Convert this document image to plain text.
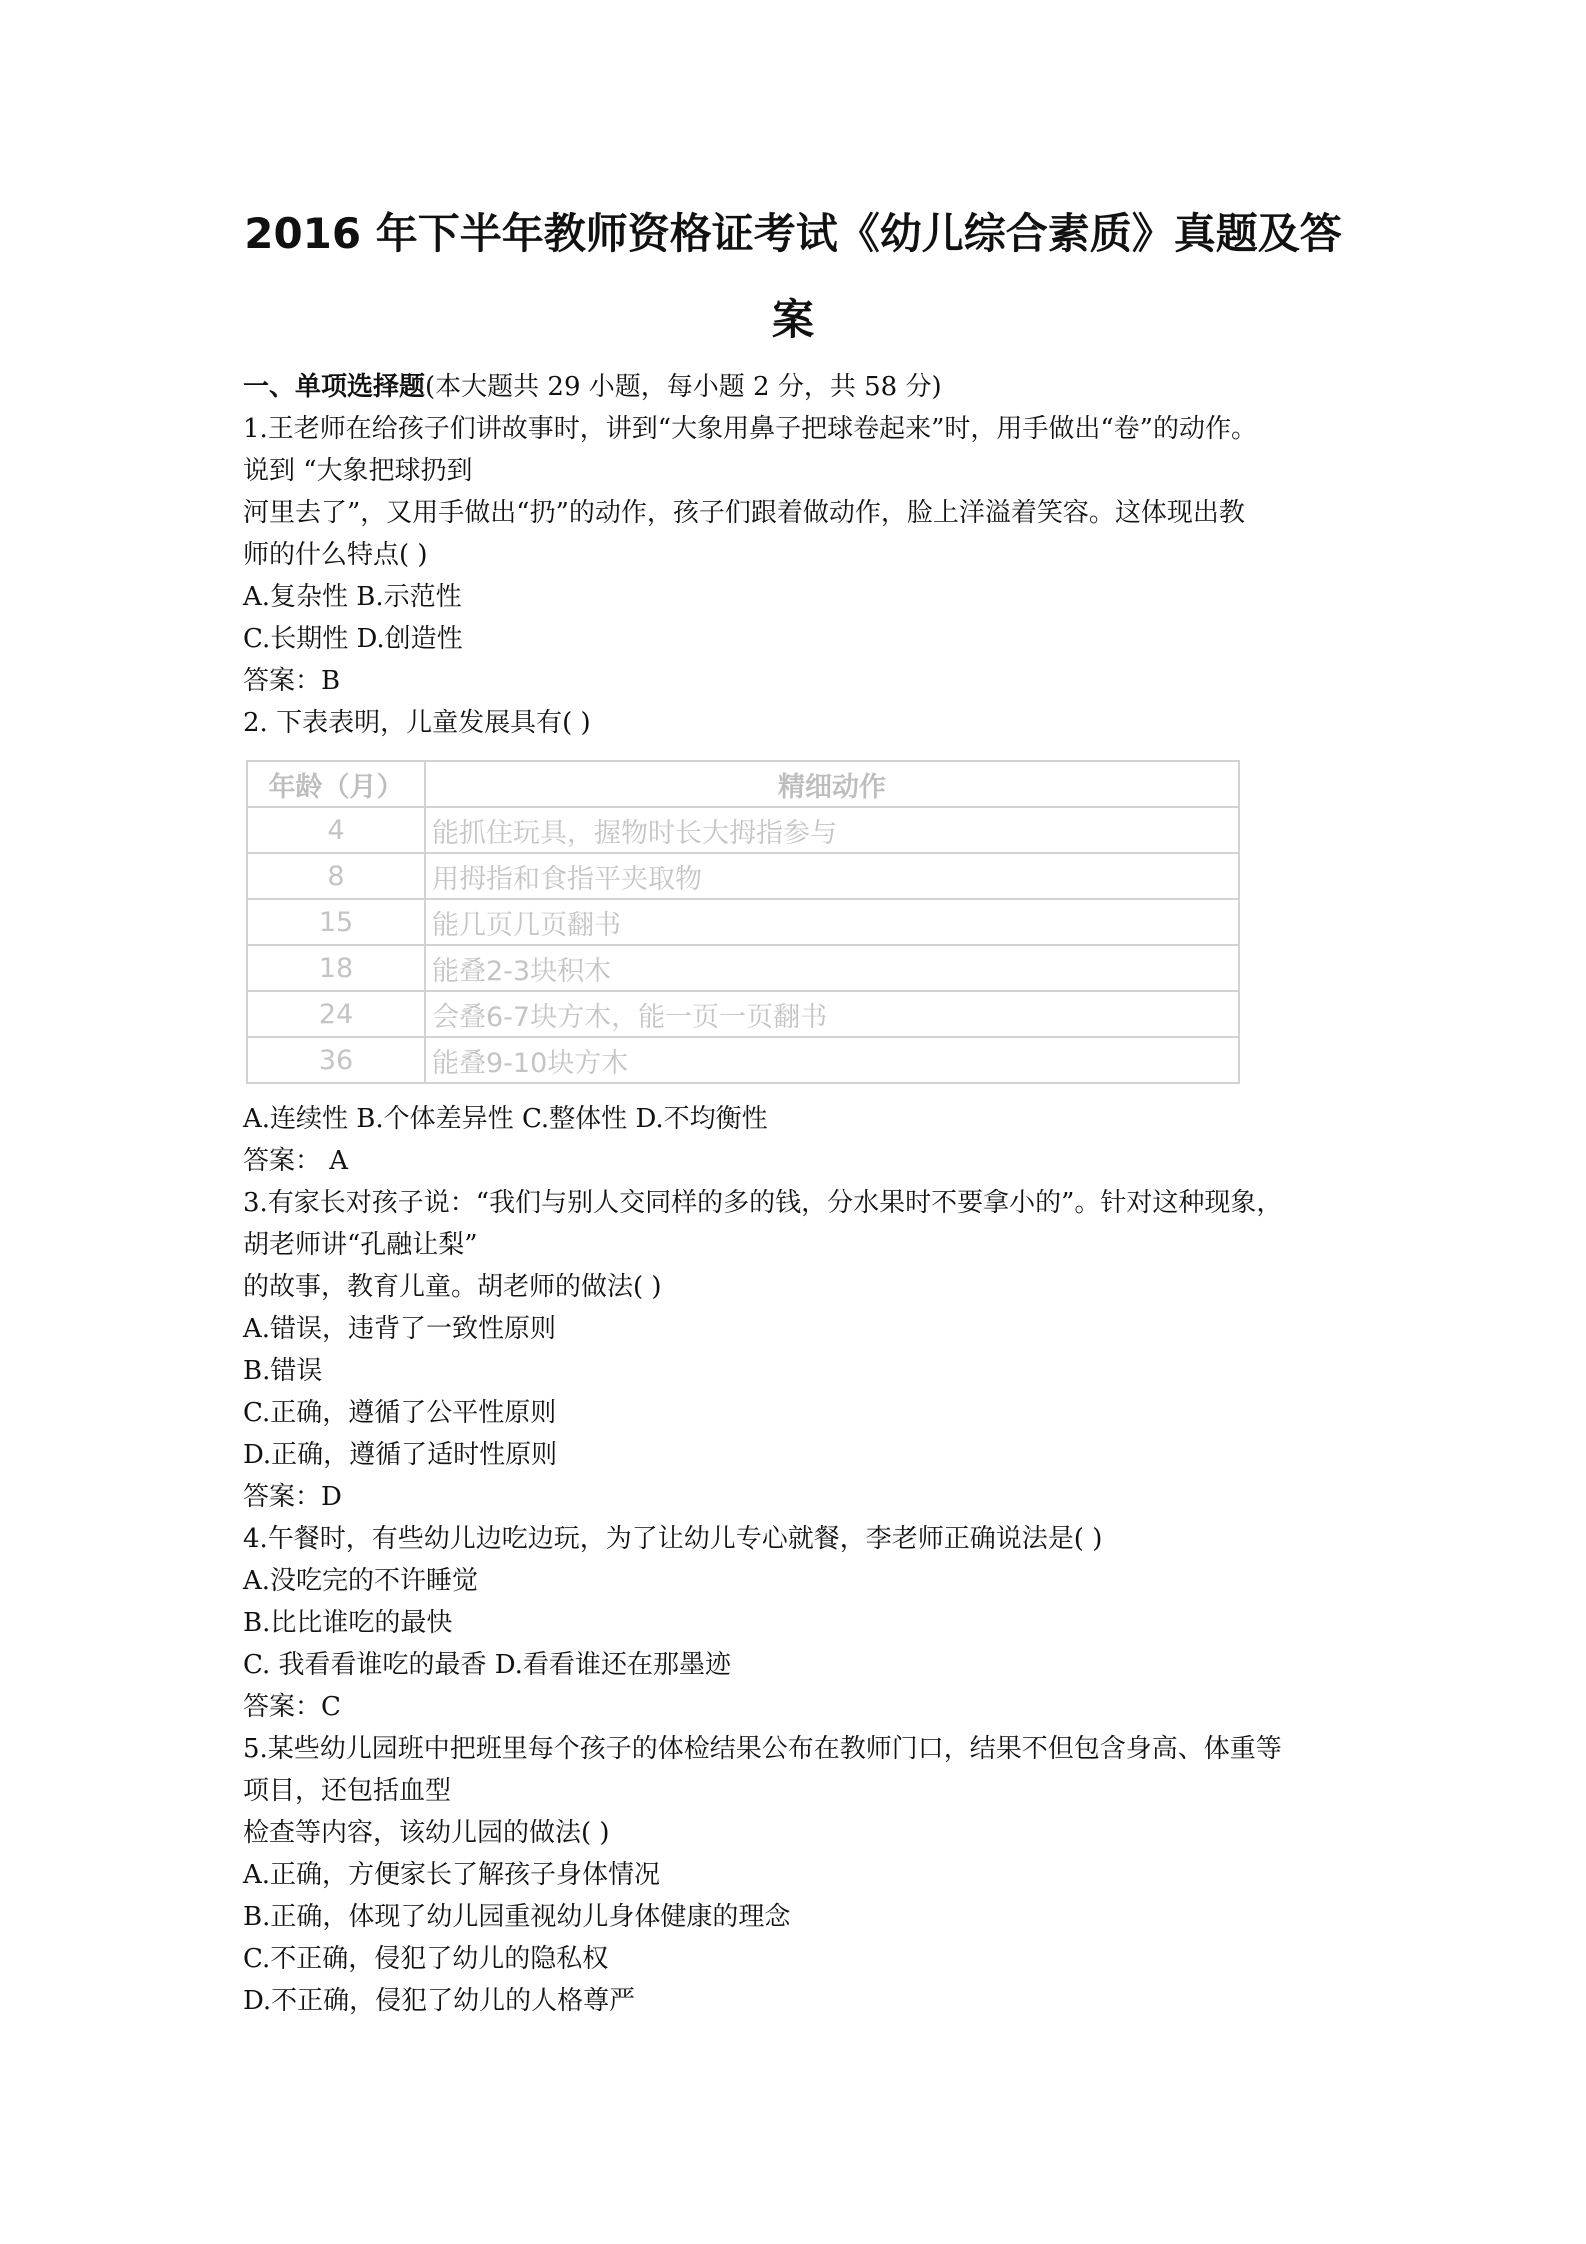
2016 年下半年教师资格证考试《幼儿综合素质》真题及答
案
一、单项选择题(本大题共 29 小题，每小题 2 分，共 58 分)
1.王老师在给孩子们讲故事时，讲到“大象用鼻子把球卷起来”时，用手做出“卷”的动作。
说到 “大象把球扔到
河里去了”，又用手做出“扔”的动作，孩子们跟着做动作，脸上洋溢着笑容。这体现出教
师的什么特点( )
A.复杂性 B.示范性
C.长期性 D.创造性
答案：B
2. 下表表明，儿童发展具有( )
年龄（月）	精细动作
4	能抓住玩具，握物时长大拇指参与
8	用拇指和食指平夹取物
15	能几页几页翻书
18	能叠2-3块积木
24	会叠6-7块方木，能一页一页翻书
36	能叠9-10块方木
A.连续性 B.个体差异性 C.整体性 D.不均衡性
答案： A
3.有家长对孩子说：“我们与别人交同样的多的钱，分水果时不要拿小的”。针对这种现象，
胡老师讲“孔融让梨”
的故事，教育儿童。胡老师的做法( )
A.错误，违背了一致性原则
B.错误
C.正确，遵循了公平性原则
D.正确，遵循了适时性原则
答案：D
4.午餐时，有些幼儿边吃边玩，为了让幼儿专心就餐，李老师正确说法是( )
A.没吃完的不许睡觉
B.比比谁吃的最快
C. 我看看谁吃的最香 D.看看谁还在那墨迹
答案：C
5.某些幼儿园班中把班里每个孩子的体检结果公布在教师门口，结果不但包含身高、体重等
项目，还包括血型
检查等内容，该幼儿园的做法( )
A.正确，方便家长了解孩子身体情况
B.正确，体现了幼儿园重视幼儿身体健康的理念
C.不正确，侵犯了幼儿的隐私权
D.不正确，侵犯了幼儿的人格尊严
